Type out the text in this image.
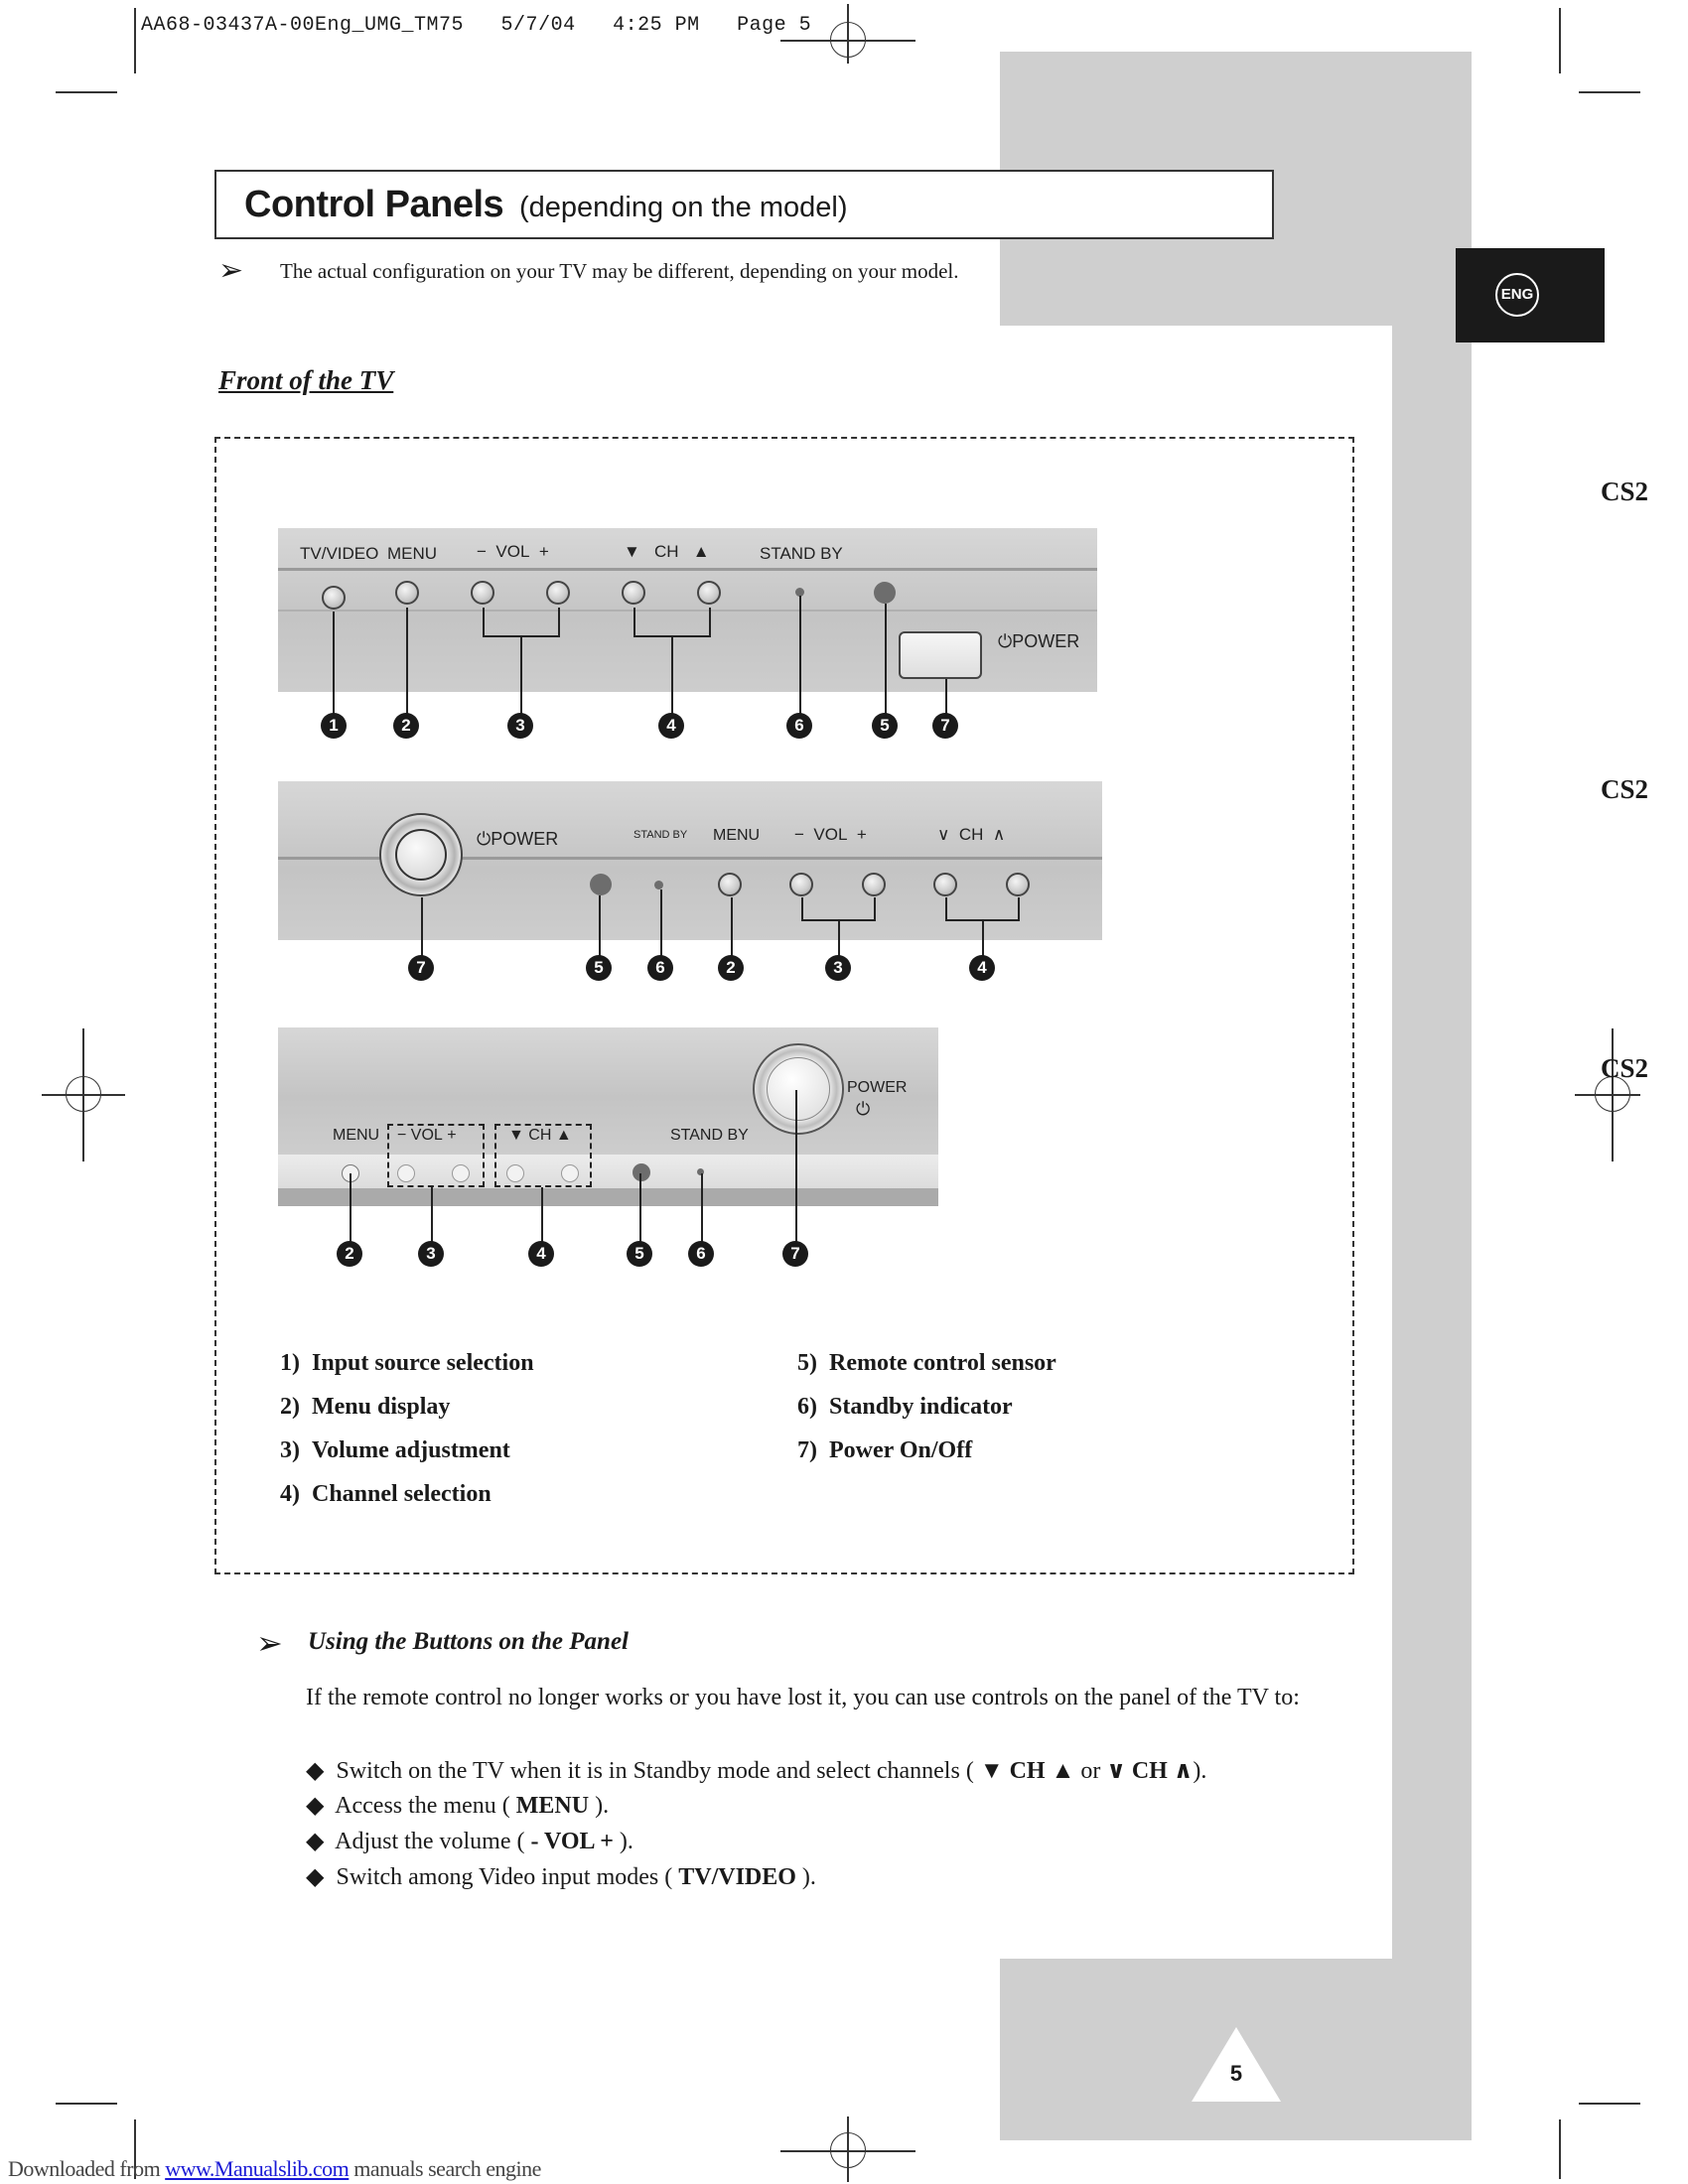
AA68-03437A-00Eng_UMG_TM75   5/7/04   4:25 PM   Page 5
ENG
CS2
CS2
CS2
Control Panels (depending on the model)
➢ The actual configuration on your TV may be different, depending on your model.
Front of the TV
TV/VIDEO MENU − VOL +	▼ CH ▲	STAND BY
⏻POWER
1	2	3	4	6	5	7
⏻POWER	STAND BY MENU − VOL +	∨ CH ∧
7	5	6	2	3	4
MENU − VOL +	▼ CH ▲	STAND BY
POWER
⏻
2	3	4	5	6	7
1) Input source selection
2) Menu display
3) Volume adjustment
4) Channel selection
5) Remote control sensor
6) Standby indicator
7) Power On/Off
➢ Using the Buttons on the Panel
If the remote control no longer works or you have lost it, you can use controls on the panel of the TV to:
◆ Switch on the TV when it is in Standby mode and select channels ( ▼ CH ▲ or ∨ CH ∧).
◆ Access the menu ( MENU ).
◆ Adjust the volume ( - VOL + ).
◆ Switch among Video input modes ( TV/VIDEO ).
5
Downloaded from www.Manualslib.com manuals search engine
